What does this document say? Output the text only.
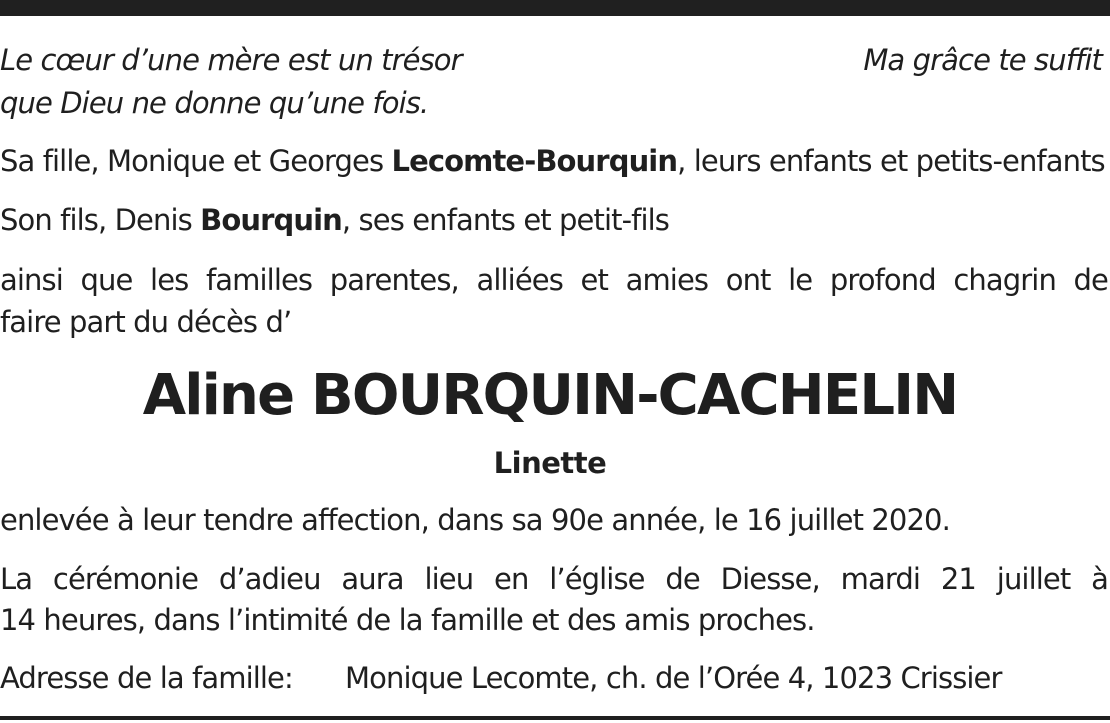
Le cœur d’une mère est un trésor	Ma grâce te suffit
que Dieu ne donne qu’une fois.
Sa fille, Monique et Georges Lecomte-Bourquin, leurs enfants et petits-enfants
Son fils, Denis Bourquin, ses enfants et petit-fils
ainsi que les familles parentes, alliées et amies ont le profond chagrin de
faire part du décès d’
Aline BOURQUIN-CACHELIN
Linette
enlevée à leur tendre affection, dans sa 90e année, le 16 juillet 2020.
La cérémonie d’adieu aura lieu en l’église de Diesse, mardi 21 juillet à
14 heures, dans l’intimité de la famille et des amis proches.
Adresse de la famille: Monique Lecomte, ch. de l’Orée 4, 1023 Crissier
